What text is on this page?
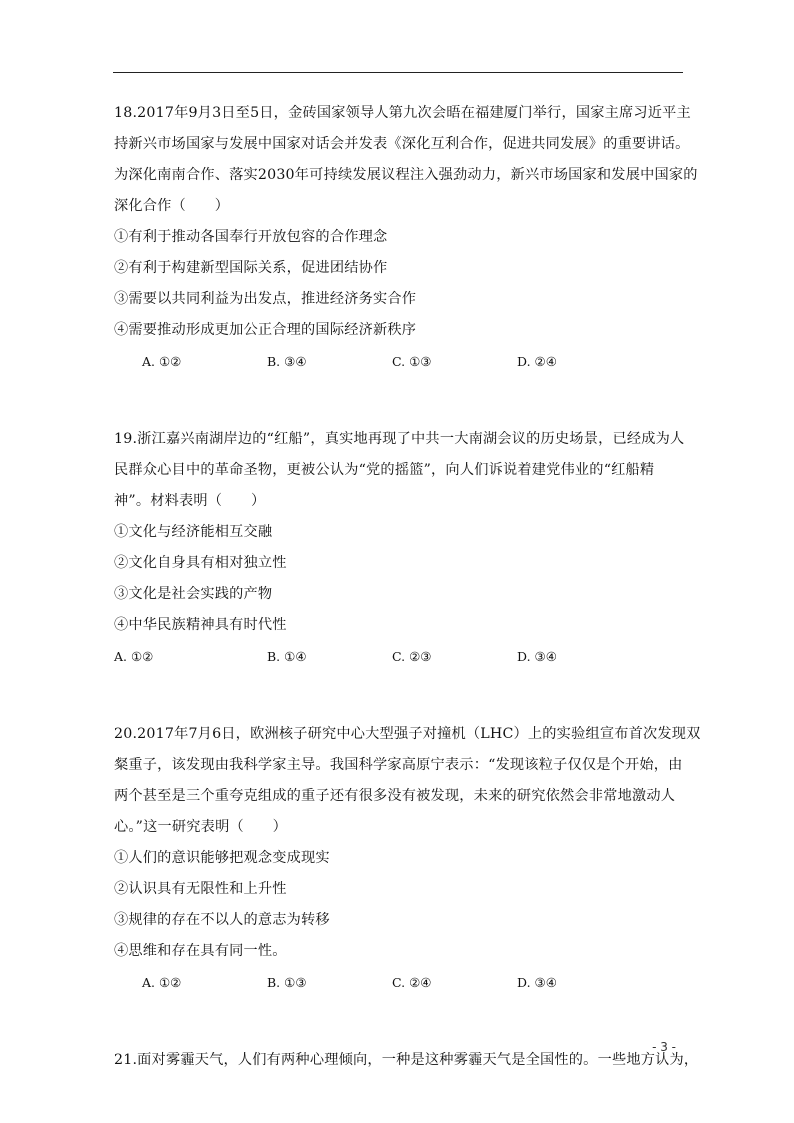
18.2017年9月3日至5日，金砖国家领导人第九次会晤在福建厦门举行，国家主席习近平主
持新兴市场国家与发展中国家对话会并发表《深化互利合作，促进共同发展》的重要讲话。
为深化南南合作、落实2030年可持续发展议程注入强劲动力，新兴市场国家和发展中国家的
深化合作（　　）
①有利于推动各国奉行开放包容的合作理念
②有利于构建新型国际关系，促进团结协作
③需要以共同利益为出发点，推进经济务实合作
④需要推动形成更加公正合理的国际经济新秩序
A. ①②	B. ③④	C. ①③	D. ②④
19.浙江嘉兴南湖岸边的“红船”，真实地再现了中共一大南湖会议的历史场景，已经成为人
民群众心目中的革命圣物，更被公认为“党的摇篮”，向人们诉说着建党伟业的“红船精
神”。材料表明（　　）
①文化与经济能相互交融
②文化自身具有相对独立性
③文化是社会实践的产物
④中华民族精神具有时代性
A. ①②	B. ①④	C. ②③	D. ③④
20.2017年7月6日，欧洲核子研究中心大型强子对撞机（LHC）上的实验组宣布首次发现双
粲重子，该发现由我科学家主导。我国科学家高原宁表示：“发现该粒子仅仅是个开始，由
两个甚至是三个重夸克组成的重子还有很多没有被发现，未来的研究依然会非常地激动人
心。”这一研究表明（　　）
①人们的意识能够把观念变成现实
②认识具有无限性和上升性
③规律的存在不以人的意志为转移
④思维和存在具有同一性。
A. ①②	B. ①③	C. ②④	D. ③④
21.面对雾霾天气，人们有两种心理倾向，一种是这种雾霾天气是全国性的。一些地方认为，
- 3 -
